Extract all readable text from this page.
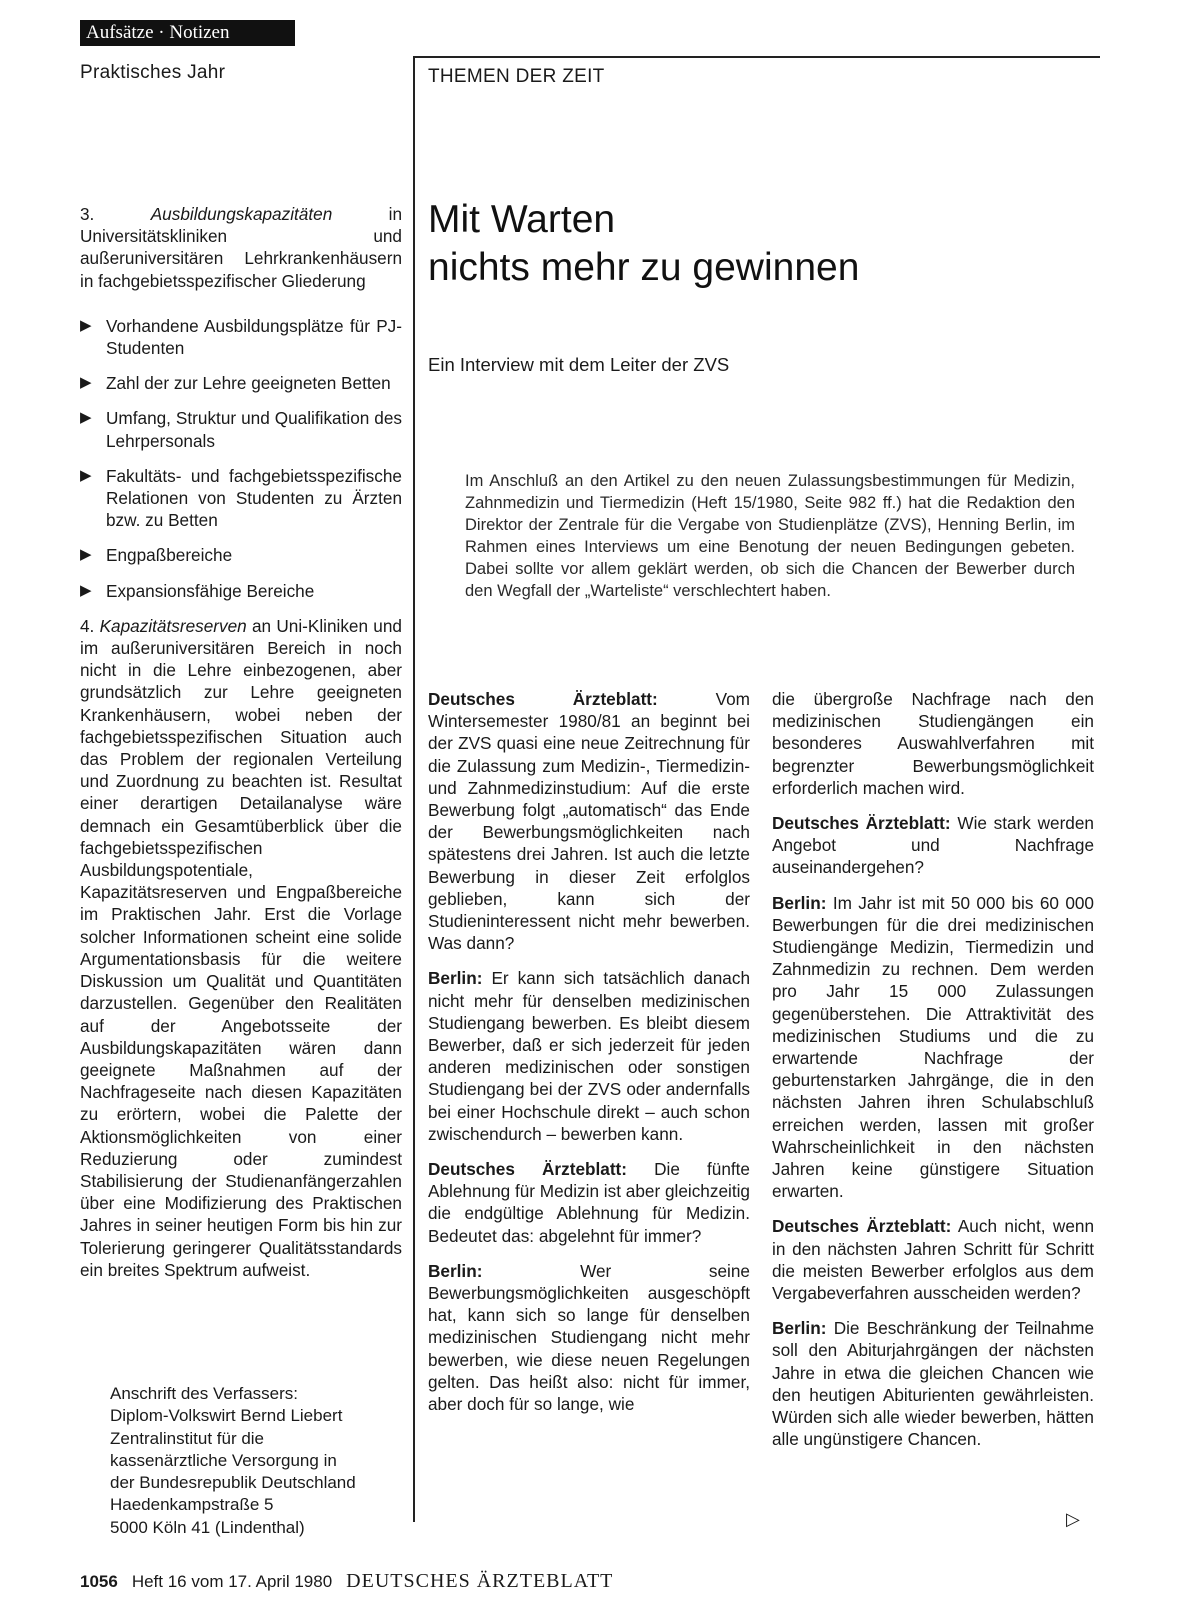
Aufsätze · Notizen
Praktisches Jahr	THEMEN DER ZEIT
Mit Warten
nichts mehr zu gewinnen
Ein Interview mit dem Leiter der ZVS
Im Anschluß an den Artikel zu den neuen Zulassungsbestimmungen für Medizin, Zahnmedizin und Tiermedizin (Heft 15/1980, Seite 982 ff.) hat die Redaktion den Direktor der Zentrale für die Vergabe von Studienplätze (ZVS), Henning Berlin, im Rahmen eines Interviews um eine Benotung der neuen Bedingungen gebeten. Dabei sollte vor allem geklärt werden, ob sich die Chancen der Bewerber durch den Wegfall der „Warteliste“ verschlechtert haben.

3.	Ausbildungskapazitäten	in Universitätskliniken und außeruniversitären Lehrkrankenhäusern in fachgebietsspezifischer Gliederung

▶ Vorhandene Ausbildungsplätze für PJ-Studenten
▶ Zahl der zur Lehre geeigneten Betten
▶ Umfang, Struktur und Qualifikation des Lehrpersonals
▶ Fakultäts- und fachgebietsspezifische Relationen von Studenten zu Ärzten bzw. zu Betten
▶ Engpaßbereiche
▶ Expansionsfähige Bereiche

4. Kapazitätsreserven an Uni-Kliniken und im außeruniversitären Bereich in noch nicht in die Lehre einbezogenen, aber grundsätzlich zur Lehre geeigneten Krankenhäusern, wobei neben der fachgebietsspezifischen Situation auch das Problem der regionalen Verteilung und Zuordnung zu beachten ist. Resultat einer derartigen Detailanalyse wäre demnach ein Gesamtüberblick über die fachgebietsspezifischen Ausbildungspotentiale, Kapazitätsreserven und Engpaßbereiche im Praktischen Jahr. Erst die Vorlage solcher Informationen scheint eine solide Argumentationsbasis für die weitere Diskussion um Qualität und Quantitäten darzustellen. Gegenüber den Realitäten auf der Angebotsseite der Ausbildungskapazitäten wären dann geeignete Maßnahmen auf der Nachfrageseite nach diesen Kapazitäten zu erörtern, wobei die Palette der Aktionsmöglichkeiten von einer Reduzierung oder zumindest Stabilisierung der Studienanfängerzahlen über eine Modifizierung des Praktischen Jahres in seiner heutigen Form bis hin zur Tolerierung geringerer Qualitätsstandards ein breites Spektrum aufweist.

Anschrift des Verfassers:
Diplom-Volkswirt Bernd Liebert
Zentralinstitut für die
kassenärztliche Versorgung in
der Bundesrepublik Deutschland
Haedenkampstraße 5
5000 Köln 41 (Lindenthal)

Deutsches Ärzteblatt:	Vom Wintersemester 1980/81 an beginnt bei der ZVS quasi eine neue Zeitrechnung für die Zulassung zum Medizin-, Tiermedizin- und Zahnmedizinstudium: Auf die erste Bewerbung folgt „automatisch“ das Ende der Bewerbungsmöglichkeiten nach spätestens drei Jahren. Ist auch die letzte Bewerbung in dieser Zeit erfolglos geblieben, kann sich der Studieninteressent nicht mehr bewerben. Was dann?

Berlin: Er kann sich tatsächlich danach nicht mehr für denselben medizinischen Studiengang bewerben. Es bleibt diesem Bewerber, daß er sich jederzeit für jeden anderen medizinischen oder sonstigen Studiengang bei der ZVS oder andernfalls bei einer Hochschule direkt – auch schon zwischendurch – bewerben kann.

Deutsches Ärzteblatt: Die fünfte Ablehnung für Medizin ist aber gleichzeitig die endgültige Ablehnung für Medizin. Bedeutet das: abgelehnt für immer?

Berlin:	Wer seine Bewerbungsmöglichkeiten ausgeschöpft hat, kann sich so lange für denselben medizinischen Studiengang nicht mehr bewerben, wie diese neuen Regelungen gelten. Das heißt also: nicht für immer, aber doch für so lange, wie

die übergroße Nachfrage nach den medizinischen Studiengängen ein besonderes Auswahlverfahren mit begrenzter Bewerbungsmöglichkeit erforderlich machen wird.

Deutsches Ärzteblatt: Wie stark werden Angebot und Nachfrage auseinandergehen?

Berlin: Im Jahr ist mit 50 000 bis 60 000 Bewerbungen für die drei medizinischen Studiengänge Medizin, Tiermedizin und Zahnmedizin zu rechnen. Dem werden pro Jahr 15 000 Zulassungen gegenüberstehen. Die Attraktivität des medizinischen Studiums und die zu erwartende Nachfrage der geburtenstarken Jahrgänge, die in den nächsten Jahren ihren Schulabschluß erreichen werden, lassen mit großer Wahrscheinlichkeit in den nächsten Jahren keine günstigere Situation erwarten.

Deutsches Ärzteblatt: Auch nicht, wenn in den nächsten Jahren Schritt für Schritt die meisten Bewerber erfolglos aus dem Vergabeverfahren ausscheiden werden?

Berlin: Die Beschränkung der Teilnahme soll den Abiturjahrgängen der nächsten Jahre in etwa die gleichen Chancen wie den heutigen Abiturienten gewährleisten. Würden sich alle wieder bewerben, hätten alle ungünstigere Chancen.

▷
1056 Heft 16 vom 17. April 1980 DEUTSCHES ÄRZTEBLATT
